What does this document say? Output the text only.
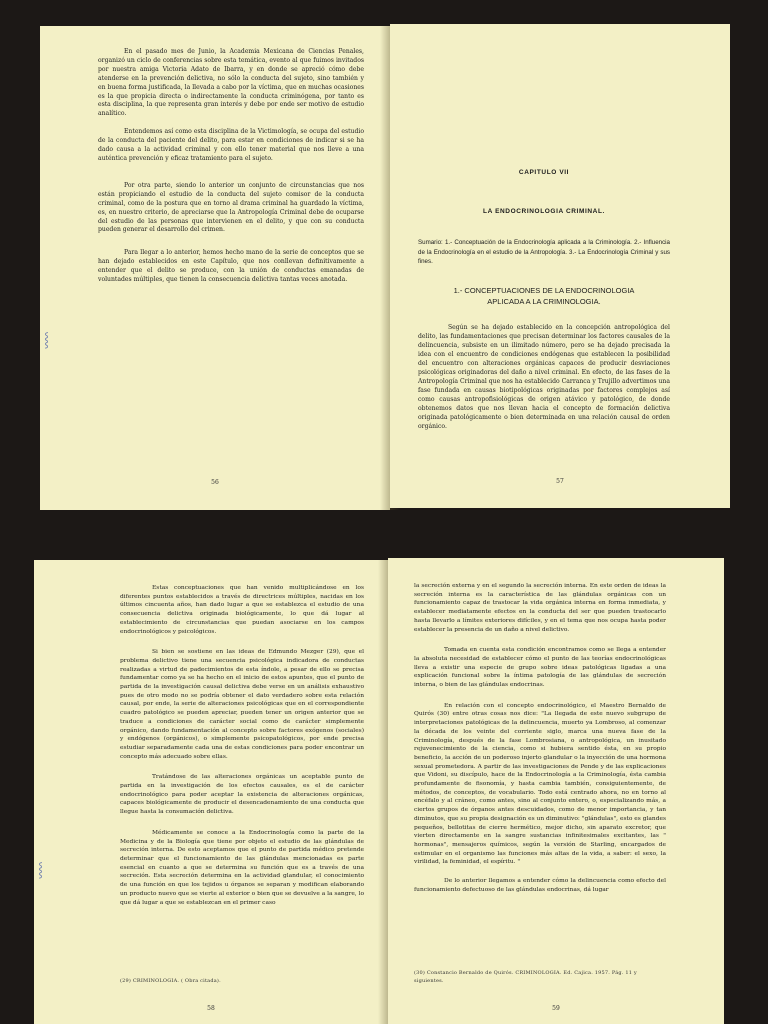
En el pasado mes de Junio, la Academia Mexicana de Ciencias Penales, organizó un ciclo de conferencias sobre esta temática, evento al que fuimos invitados por nuestra amiga Victoria Adato de Ibarra, y en donde se apreció cómo debe atenderse en la prevención delictiva, no sólo la conducta del sujeto, sino también y en buena forma justificada, la llevada a cabo por la víctima, que en muchas ocasiones es la que propicia directa o indirectamente la conducta criminógena, por tanto es esta disciplina, la que representa gran interés y debe por ende ser motivo de estudio analítico.

Entendemos así como esta disciplina de la Victimología, se ocupa del estudio de la conducta del paciente del delito, para estar en condiciones de indicar si se ha dado causa a la actividad criminal y con ello tener material que nos lleve a una auténtica prevención y eficaz tratamiento para el sujeto.

Por otra parte, siendo lo anterior un conjunto de circunstancias que nos están propiciando el estudio de la conducta del sujeto comisor de la conducta criminal, como de la postura que en torno al drama criminal ha guardado la víctima, es, en nuestro criterio, de apreciarse que la Antropología Criminal debe de ocuparse del estudio de las personas que intervienen en el delito, y que con su conducta pueden generar el desarrollo del crimen.

Para llegar a lo anterior, hemos hecho mano de la serie de conceptos que se han dejado establecidos en este Capítulo, que nos conllevan definitivamente a entender que el delito se produce, con la unión de conductas emanadas de voluntades múltiples, que tienen la consecuencia delictiva tantas veces anotada.

56
⸾
CAPITULO VII
LA ENDOCRINOLOGIA CRIMINAL.
Sumario: 1.- Conceptuación de la Endocrinología aplicada a la Criminología. 2.- Influencia de la Endocrinología en el estudio de la Antropología. 3.- La Endocrinología Criminal y sus fines.
1.- CONCEPTUACIONES DE LA ENDOCRINOLOGIA
APLICADA A LA CRIMINOLOGIA.

Según se ha dejado establecido en la concepción antropológica del delito, las fundamentaciones que precisan determinar los factores causales de la delincuencia, subsiste en un ilimitado número, pero se ha dejado precisada la idea con el encuentro de condiciones endógenas que establecen la posibilidad del encuentro con alteraciones orgánicas capaces de producir desviaciones psicológicas originadoras del daño a nivel criminal. En efecto, de las fases de la Antropología Criminal que nos ha establecido Carranca y Trujillo advertimos una fase fundada en causas biotipológicas originadas por factores complejos así como causas antropofisiológicas de origen atávico y patológico, de donde obtenemos datos que nos llevan hacia el concepto de formación delictiva originada patológicamente o bien determinada en una relación causal de orden orgánico.

57

Estas conceptuaciones que han venido multiplicándose en los diferentes puntos establecidos a través de directrices múltiples, nacidas en los últimos cincuenta años, han dado lugar a que se establezca el estudio de una consecuencia delictiva originada biológicamente, lo que dá lugar al establecimiento de circunstancias que puedan asociarse en los campos endocrinológicos y psicológicos.

Si bien se sostiene en las ideas de Edmundo Mezger (29), que el problema delictivo tiene una secuencia psicológica indicadora de conductas realizadas a virtud de padecimientos de esta índole, a pesar de ello se precisa fundamentar como ya se ha hecho en el inicio de estos apuntes, que el punto de partida de la investigación causal delictiva debe verse en un análisis exhaustivo pues de otro modo no se podría obtener el dato verdadero sobre esta relación causal, por ende, la serie de alteraciones psicológicas que en el correspondiente cuadro patológico se pueden apreciar, pueden tener un origen anterior que se traduce a condiciones de carácter social como de carácter simplemente orgánico, dando fundamentación al concepto sobre factores exógenos (sociales) y endógenos (orgánicos), o simplemente psicopatológicos, por ende precisa estudiar separadamente cada una de estas condiciones para poder encontrar un concepto más adecuado sobre ellas.

Tratándose de las alteraciones orgánicas un aceptable punto de partida en la investigación de los efectos causales, es el de carácter endocrinológico para poder aceptar la existencia de alteraciones orgánicas, capaces biológicamente de producir el desencadenamiento de una conducta que llegue hasta la consumación delictiva.

Médicamente se conoce a la Endocrinología como la parte de la Medicina y de la Biología que tiene por objeto el estudio de las glándulas de secreción interna. De esto aceptamos que el punto de partida médico pretende determinar que el funcionamiento de las glándulas mencionadas es parte esencial en cuanto a que se determina su función que es a través de una secreción. Esta secreción determina en la actividad glandular, el conocimiento de una función en que los tejidos u órganos se separan y modifican elaborando un producto nuevo que se vierte al exterior o bien que se devuelve a la sangre, lo que dá lugar a que se establezcan en el primer caso

(29) CRIMINOLOGIA. ( Obra citada).
58
⸾

la secreción externa y en el segundo la secreción interna. En este orden de ideas la secreción interna es la característica de las glándulas orgánicas con un funcionamiento capaz de trastocar la vida orgánica interna en forma inmediata, y establecer mediatamente efectos en la conducta del ser que pueden trastocarlo hasta llevarlo a límites exteriores difíciles, y en el tema que nos ocupa hasta poder establecer la presencia de un daño a nivel delictivo.

Tomada en cuenta esta condición encontramos como se llega a entender la absoluta necesidad de establecer cómo el punto de las teorías endocrinológicas lleva a existir una especie de grupo sobre ideas patológicas ligadas a una explicación funcional sobre la íntima patología de las glándulas de secreción interna, o bien de las glándulas endocrinas.

En relación con el concepto endocrinológico, el Maestro Bernaldo de Quirós (30) entre otras cosas nos dice: "La llegada de este nuevo subgrupo de interpretaciones patológicas de la delincuencia, muerto ya Lombroso, al comenzar la década de los veinte del corriente siglo, marca una nueva fase de la Criminología, después de la fase Lombrosiana, o antropológica, un inusitado rejuvenecimiento de la ciencia, como si hubiera sentido ésta, en su propio beneficio, la acción de un poderoso injerto glandular o la inyección de una hormona sexual prometedora. A partir de las investigaciones de Pende y de las explicaciones que Vidoni, su discípulo, hace de la Endocrinología a la Criminología, ésta cambia profundamente de fisonomía, y hasta cambia también, consiguientemente, de métodos, de conceptos, de vocabulario. Todo está centrado ahora, no en torno al encéfalo y al cráneo, como antes, sino al conjunto entero, o, especializando más, a ciertos grupos de órganos antes descuidados, como de menor importancia, y tan diminutos, que su propia designación es un diminutivo: "glándulas", esto es glandes pequeños, bellotitas de cierre hermético, mejor dicho, sin aparato excretor, que vierten directamente en la sangre sustancias infinitesimales excitantes, las " hormonas", mensajeros químicos, según la versión de Starling, encargados de estimular en el organismo las funciones más altas de la vida, a saber: el sexo, la virilidad, la feminidad, el espíritu. "

De lo anterior llegamos a entender cómo la delincuencia como efecto del funcionamiento defectuoso de las glándulas endocrinas, dá lugar

(30) Constancio Bernaldo de Quirós. CRIMINOLOGIA. Ed. Cajica. 1957. Pág. 11 y siguientes.
59
